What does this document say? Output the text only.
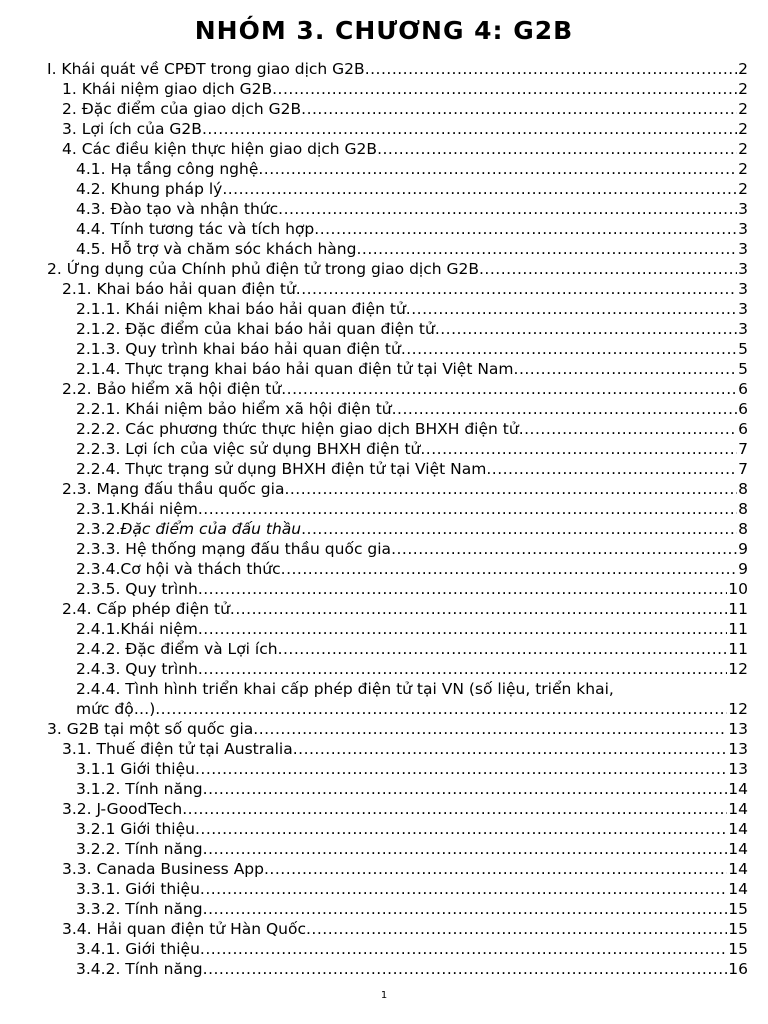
NHÓM 3. CHƯƠNG 4: G2B
I. Khái quát về CPĐT trong giao dịch G2B .....	2
1. Khái niệm giao dịch G2B .....	2
2. Đặc điểm của giao dịch G2B .....	2
3. Lợi ích của G2B .....	2
4. Các điều kiện thực hiện giao dịch G2B .....	2
4.1. Hạ tầng công nghệ .....	2
4.2. Khung pháp lý .....	2
4.3. Đào tạo và nhận thức .....	3
4.4. Tính tương tác và tích hợp .....	3
4.5. Hỗ trợ và chăm sóc khách hàng .....	3
2. Ứng dụng của Chính phủ điện tử trong giao dịch G2B .....	3
2.1. Khai báo hải quan điện tử .....	3
2.1.1. Khái niệm khai báo hải quan điện tử .....	3
2.1.2. Đặc điểm của khai báo hải quan điện tử .....	3
2.1.3. Quy trình khai báo hải quan điện tử .....	5
2.1.4. Thực trạng khai báo hải quan điện tử tại Việt Nam .....	5
2.2. Bảo hiểm xã hội điện tử .....	6
2.2.1. Khái niệm bảo hiểm xã hội điện tử .....	6
2.2.2. Các phương thức thực hiện giao dịch BHXH điện tử .....	6
2.2.3. Lợi ích của việc sử dụng BHXH điện tử .....	7
2.2.4. Thực trạng sử dụng BHXH điện tử tại Việt Nam .....	7
2.3. Mạng đấu thầu quốc gia .....	8
2.3.1.Khái niệm .....	8
2.3.2.Đặc điểm của đấu thầu .....	8
2.3.3. Hệ thống mạng đấu thầu quốc gia .....	9
2.3.4.Cơ hội và thách thức .....	9
2.3.5. Quy trình .....	10
2.4. Cấp phép điện tử .....	11
2.4.1.Khái niệm .....	11
2.4.2. Đặc điểm và Lợi ích .....	11
2.4.3. Quy trình .....	12
2.4.4. Tình hình triển khai cấp phép điện tử tại VN (số liệu, triển khai,
mức độ…) .....	12
3. G2B tại một số quốc gia .....	13
3.1. Thuế điện tử tại Australia .....	13
3.1.1 Giới thiệu .....	13
3.1.2. Tính năng .....	14
3.2. J-GoodTech .....	14
3.2.1 Giới thiệu .....	14
3.2.2. Tính năng .....	14
3.3. Canada Business App .....	14
3.3.1. Giới thiệu .....	14
3.3.2. Tính năng .....	15
3.4. Hải quan điện tử Hàn Quốc .....	15
3.4.1. Giới thiệu .....	15
3.4.2. Tính năng .....	16
1
